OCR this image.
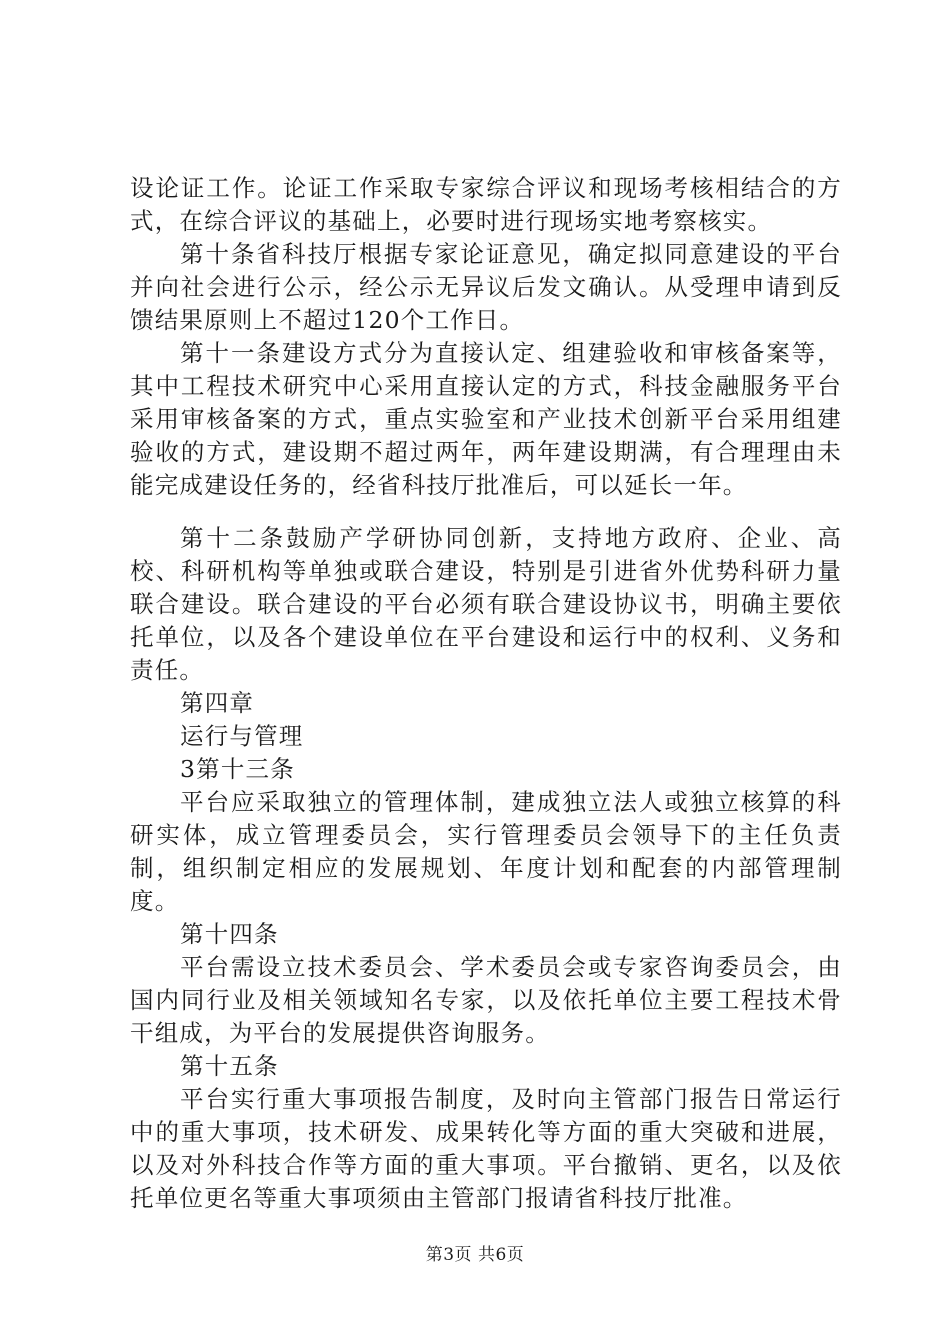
设论证工作。论证工作采取专家综合评议和现场考核相结合的方式，在综合评议的基础上，必要时进行现场实地考察核实。

第十条省科技厅根据专家论证意见，确定拟同意建设的平台并向社会进行公示，经公示无异议后发文确认。从受理申请到反馈结果原则上不超过120个工作日。

第十一条建设方式分为直接认定、组建验收和审核备案等，其中工程技术研究中心采用直接认定的方式，科技金融服务平台采用审核备案的方式，重点实验室和产业技术创新平台采用组建验收的方式，建设期不超过两年，两年建设期满，有合理理由未能完成建设任务的，经省科技厅批准后，可以延长一年。

第十二条鼓励产学研协同创新，支持地方政府、企业、高校、科研机构等单独或联合建设，特别是引进省外优势科研力量联合建设。联合建设的平台必须有联合建设协议书，明确主要依托单位，以及各个建设单位在平台建设和运行中的权利、义务和责任。

第四章

运行与管理

3第十三条

平台应采取独立的管理体制，建成独立法人或独立核算的科研实体，成立管理委员会，实行管理委员会领导下的主任负责制，组织制定相应的发展规划、年度计划和配套的内部管理制度。

第十四条

平台需设立技术委员会、学术委员会或专家咨询委员会，由国内同行业及相关领域知名专家，以及依托单位主要工程技术骨干组成，为平台的发展提供咨询服务。

第十五条

平台实行重大事项报告制度，及时向主管部门报告日常运行中的重大事项，技术研发、成果转化等方面的重大突破和进展，以及对外科技合作等方面的重大事项。平台撤销、更名，以及依托单位更名等重大事项须由主管部门报请省科技厅批准。

第3页 共6页
